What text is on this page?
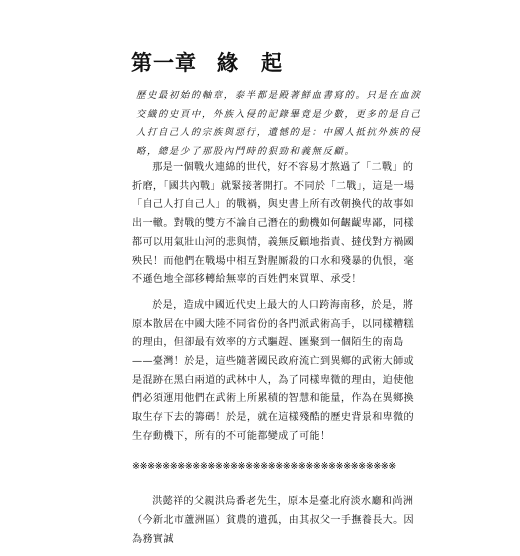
第一章 緣　起

歷史最初始的軸章，泰半都是殿著鮮血書寫的。只是在血淚交織的史頁中，外族入侵的記錄畢竟是少數，更多的是自己人打自己人的宗族與惡行，遺憾的是：中國人抵抗外族的侵略，總是少了那股內鬥時的狠勁和義無反顧。

那是一個戰火連綿的世代，好不容易才熬過了「二戰」的折磨，「國共內戰」就緊接著開打。不同於「二戰」，這是一場「自己人打自己人」的戰禍，與史書上所有改朝換代的故事如出一轍。對戰的雙方不論自己潛在的動機如何齷齪卑鄙，同樣都可以用氣壯山河的悲與情，義無反顧地指責、撻伐對方禍國殃民！而他們在戰場中相互對腥厮殺的口水和殘暴的仇恨，毫不遜色地全部移轉給無辜的百姓們來買單、承受！

於是，造成中國近代史上最大的人口跨海南移，於是，將原本散居在中國大陸不同省份的各門派武術高手，以同樣糟糕的理由，但卻最有效率的方式驅趕、匯聚到一個陌生的南島——臺灣！於是，這些隨著國民政府流亡到異鄉的武術大師或是混跡在黑白兩道的武林中人，為了同樣卑微的理由，迫使他們必須運用他們在武術上所累積的智慧和能量，作為在異鄉換取生存下去的籌碼！於是，就在這樣殘酷的歷史背景和卑微的生存動機下，所有的不可能都變成了可能！

※※※※※※※※※※※※※※※※※※※※※※※※※※※※※※※※※※※

洪懿祥的父親洪烏番老先生，原本是臺北府淡水廳和尚洲（今新北市蘆洲區）貧農的遺孤，由其叔父一手撫養長大。因為務實誠
